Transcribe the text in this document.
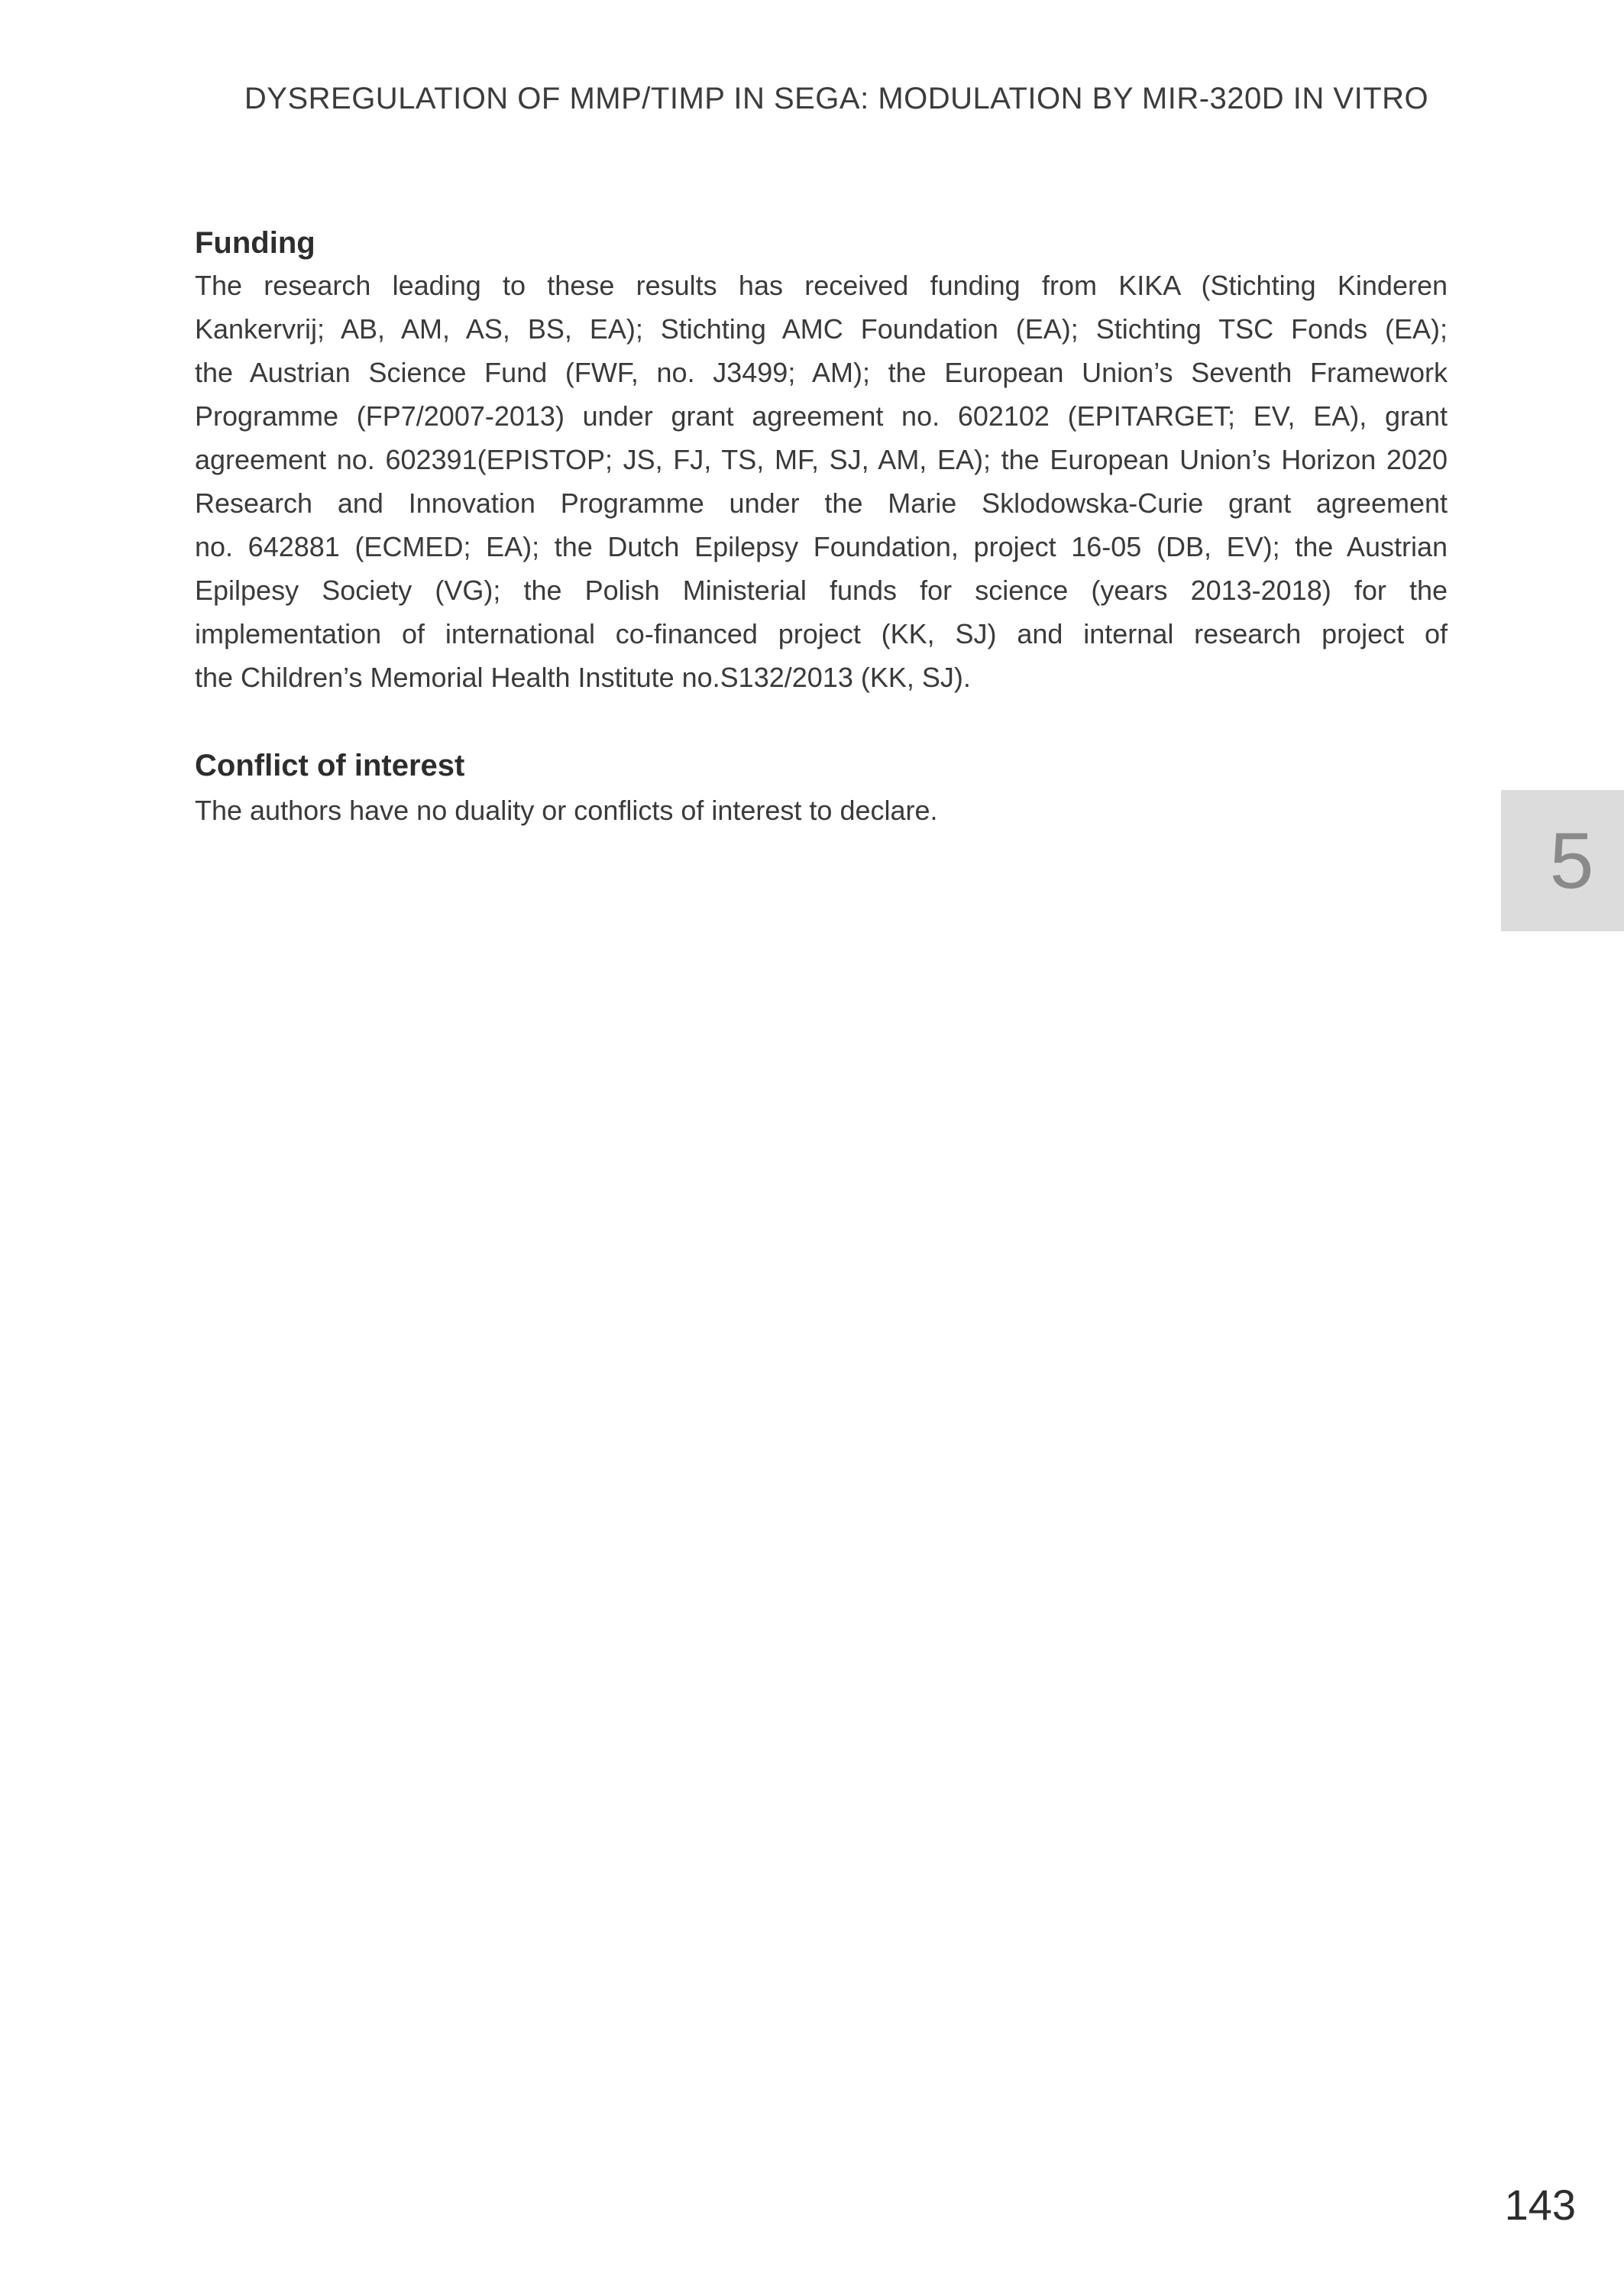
DYSREGULATION OF MMP/TIMP IN SEGA: MODULATION BY MIR-320D IN VITRO
Funding
The research leading to these results has received funding from KIKA (Stichting Kinderen
Kankervrij; AB, AM, AS, BS, EA); Stichting AMC Foundation (EA); Stichting TSC Fonds (EA);
the Austrian Science Fund (FWF, no. J3499; AM); the European Union’s Seventh Framework
Programme (FP7/2007-2013) under grant agreement no. 602102 (EPITARGET; EV, EA), grant
agreement no. 602391(EPISTOP; JS, FJ, TS, MF, SJ, AM, EA); the European Union’s Horizon 2020
Research and Innovation Programme under the Marie Sklodowska-Curie grant agreement
no. 642881 (ECMED; EA); the Dutch Epilepsy Foundation, project 16-05 (DB, EV); the Austrian
Epilpesy Society (VG); the Polish Ministerial funds for science (years 2013-2018) for the
implementation of international co-financed project (KK, SJ) and internal research project of
the Children’s Memorial Health Institute no.S132/2013 (KK, SJ).
Conflict of interest
The authors have no duality or conflicts of interest to declare.
5
143
